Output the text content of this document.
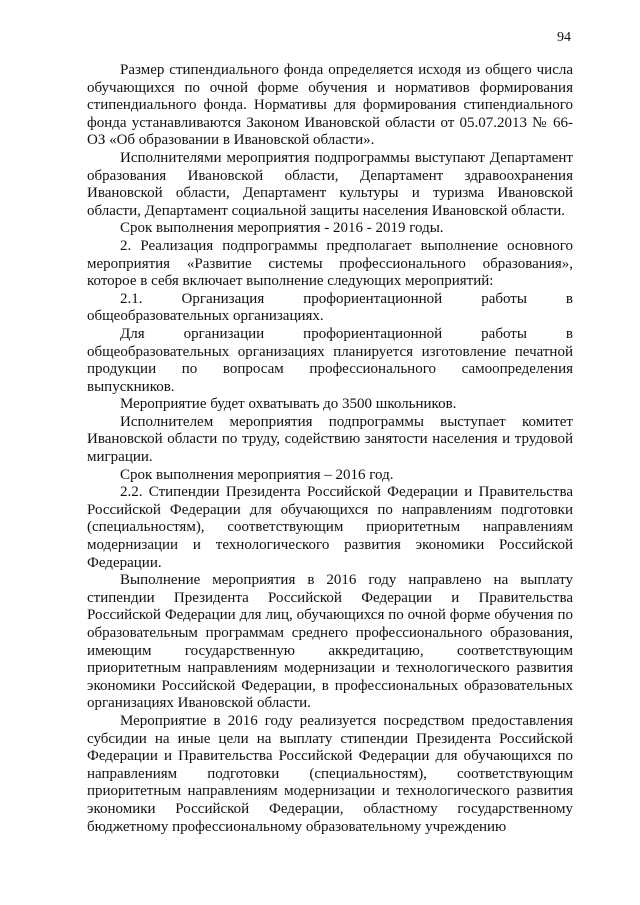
94

Размер стипендиального фонда определяется исходя из общего числа обучающихся по очной форме обучения и нормативов формирования стипендиального фонда. Нормативы для формирования стипендиального фонда устанавливаются Законом Ивановской области от 05.07.2013 № 66-ОЗ «Об образовании в Ивановской области».

Исполнителями мероприятия подпрограммы выступают Департамент образования Ивановской области, Департамент здравоохранения Ивановской области, Департамент культуры и туризма Ивановской области, Департамент социальной защиты населения Ивановской области.

Срок выполнения мероприятия - 2016 - 2019 годы.

2. Реализация подпрограммы предполагает выполнение основного мероприятия «Развитие системы профессионального образования», которое в себя включает выполнение следующих мероприятий:

2.1. Организация профориентационной работы в общеобразовательных организациях.

Для организации профориентационной работы в общеобразовательных организациях планируется изготовление печатной продукции по вопросам профессионального самоопределения выпускников.

Мероприятие будет охватывать до 3500 школьников.

Исполнителем мероприятия подпрограммы выступает комитет Ивановской области по труду, содействию занятости населения и трудовой миграции.

Срок выполнения мероприятия – 2016 год.

2.2. Стипендии Президента Российской Федерации и Правительства Российской Федерации для обучающихся по направлениям подготовки (специальностям), соответствующим приоритетным направлениям модернизации и технологического развития экономики Российской Федерации.

Выполнение мероприятия в 2016 году направлено на выплату стипендии Президента Российской Федерации и Правительства Российской Федерации для лиц, обучающихся по очной форме обучения по образовательным программам среднего профессионального образования, имеющим государственную аккредитацию, соответствующим приоритетным направлениям модернизации и технологического развития экономики Российской Федерации, в профессиональных образовательных организациях Ивановской области.

Мероприятие в 2016 году реализуется посредством предоставления субсидии на иные цели на выплату стипендии Президента Российской Федерации и Правительства Российской Федерации для обучающихся по направлениям подготовки (специальностям), соответствующим приоритетным направлениям модернизации и технологического развития экономики Российской Федерации, областному государственному бюджетному профессиональному образовательному учреждению
